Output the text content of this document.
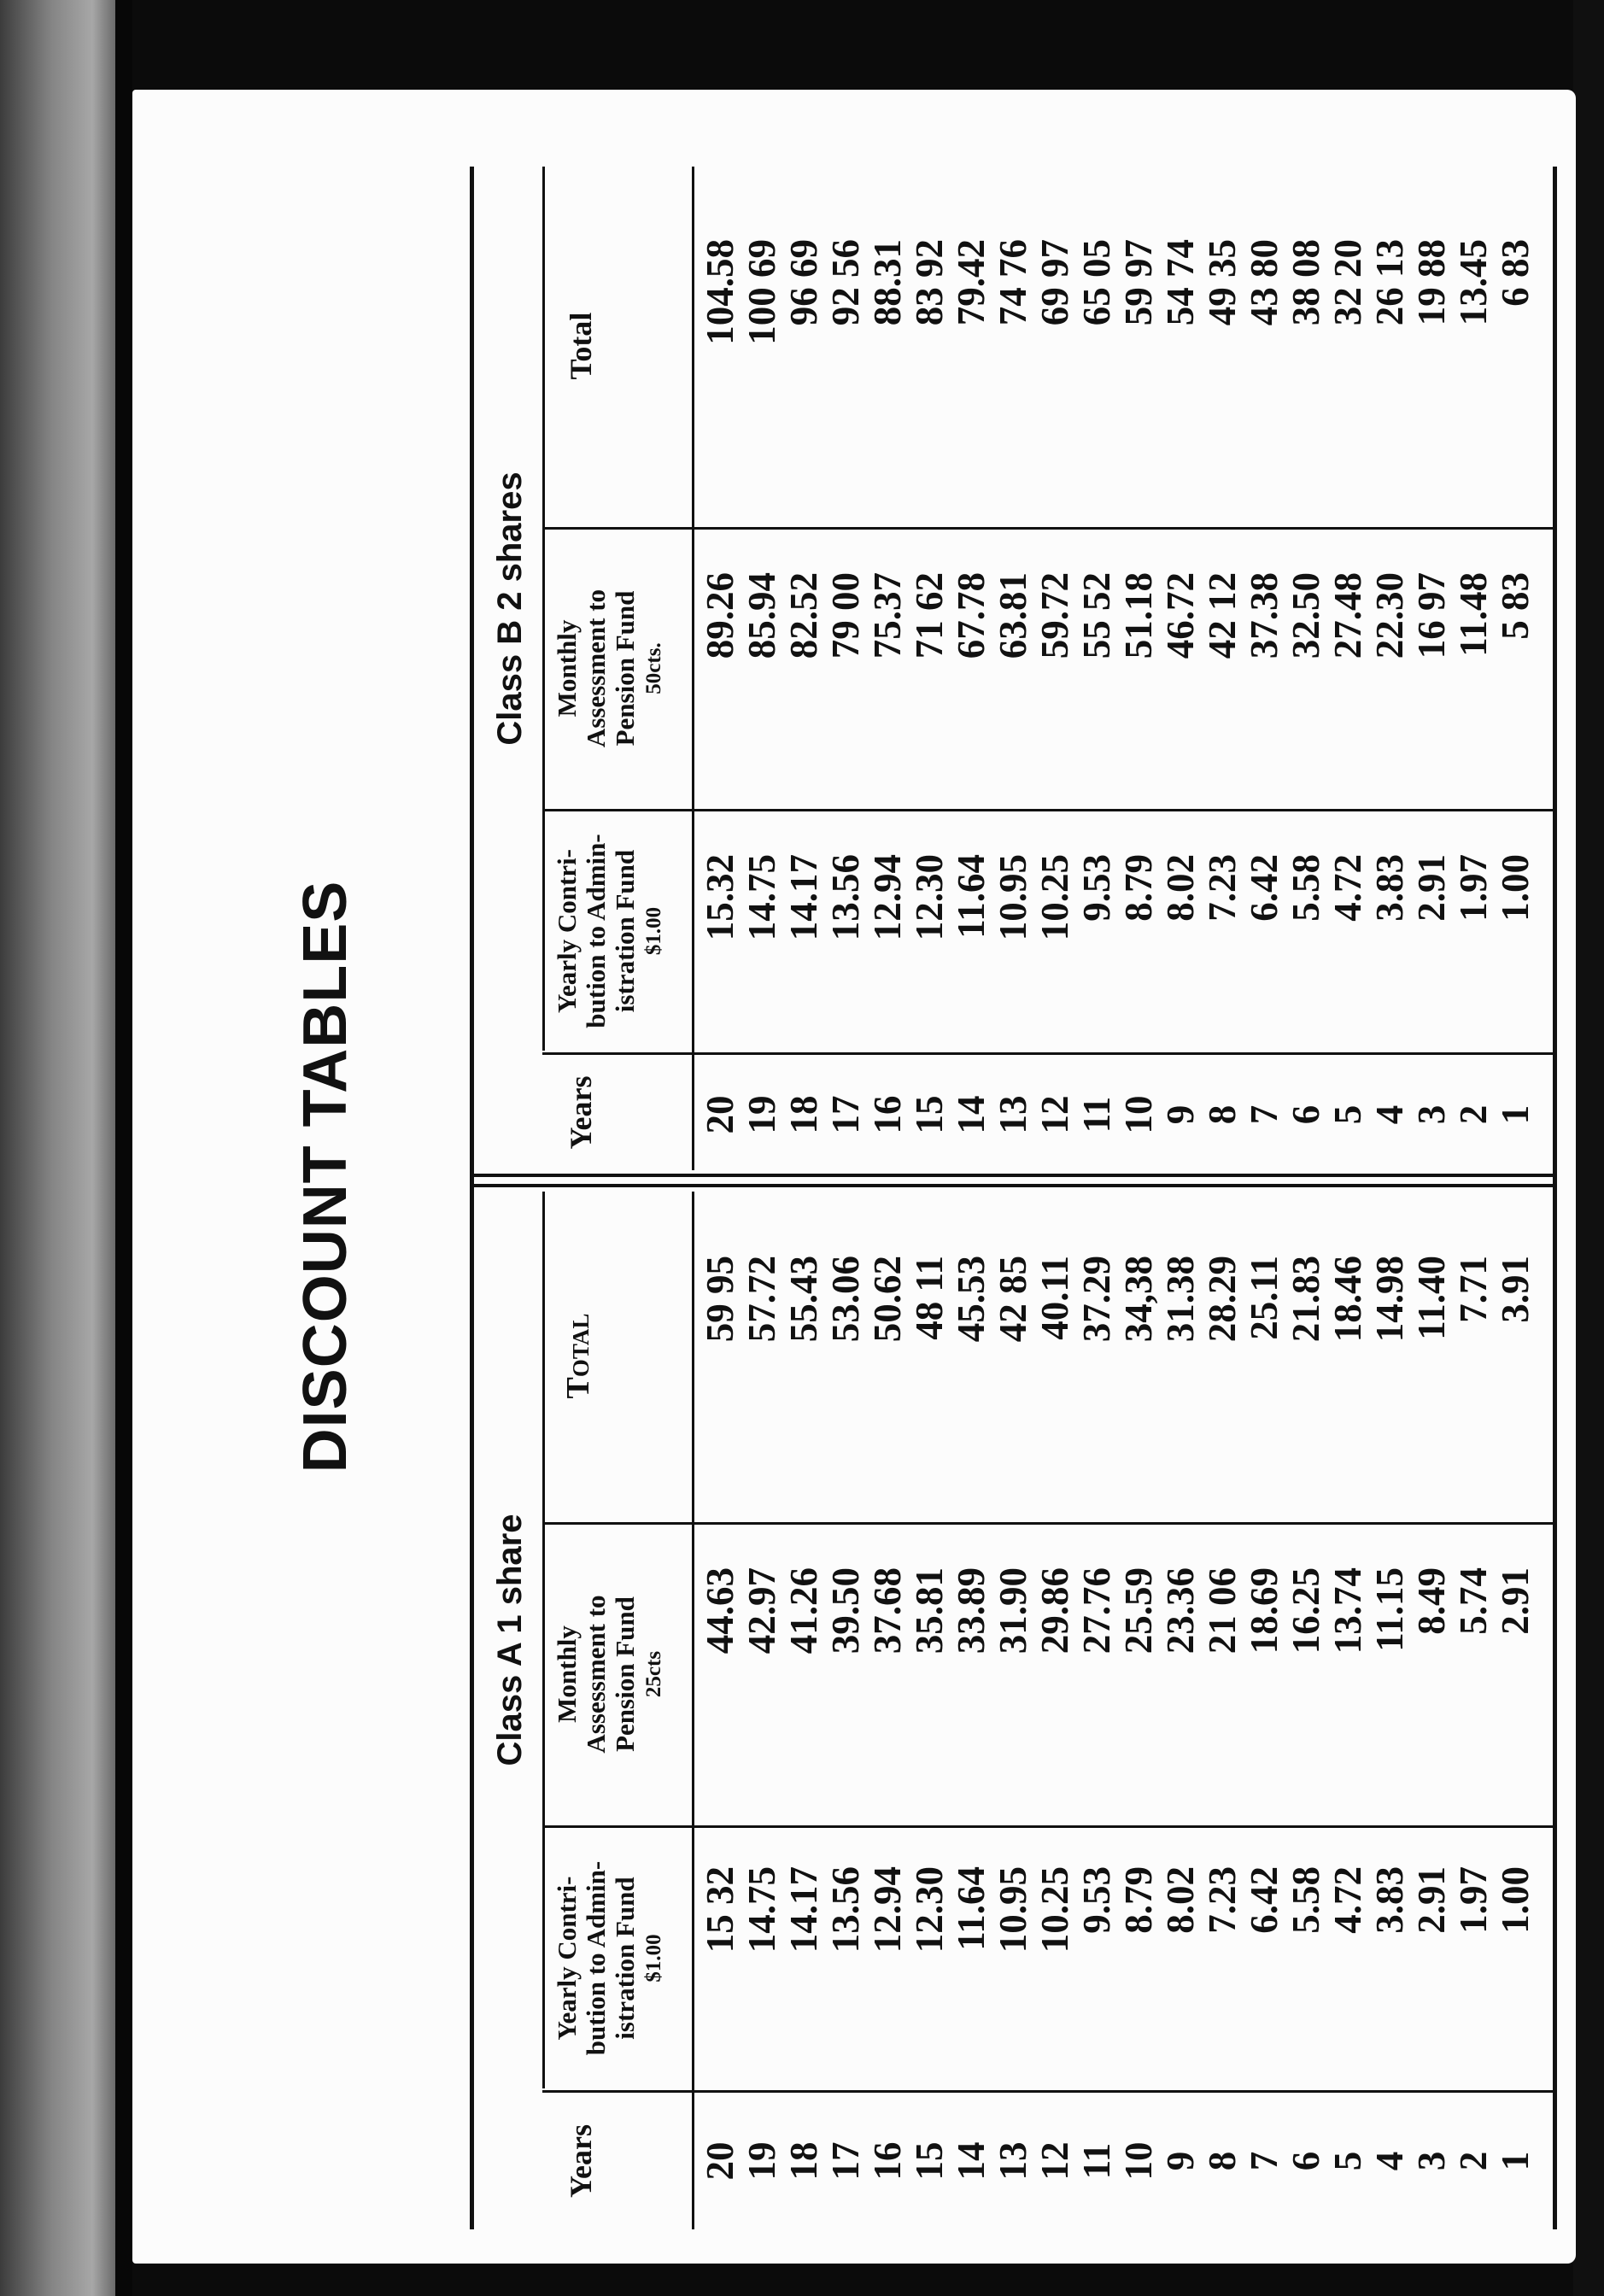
DISCOUNT TABLES
Class A 1 share
Class B 2 shares
Years
Yearly Contri-
bution to Admin-
istration Fund $1.00
Monthly
Assessment to
Pension Fund 25cts
Total
Years
Yearly Contri-
bution to Admin-
istration Fund $1.00
Monthly
Assessment to
Pension Fund 50cts.
Total
20 19 18 17 16 15 14 13 12 11 10 9 8 7 6 5 4 3 2 1
15 32 14.75 14.17 13.56 12.94 12.30 11.64 10.95 10.25 9.53 8.79 8.02 7.23 6.42 5.58 4.72 3.83 2.91 1.97 1.00
44.63 42.97 41.26 39.50 37.68 35.81 33.89 31.90 29.86 27.76 25.59 23.36 21 06 18.69 16.25 13.74 11.15 8.49 5.74 2.91
59 95 57.72 55.43 53.06 50.62 48 11 45.53 42 85 40.11 37.29 34,38 31.38 28.29 25.11 21.83 18.46 14.98 11.40 7.71 3.91
20 19 18 17 16 15 14 13 12 11 10 9 8 7 6 5 4 3 2 1
15.32 14.75 14.17 13.56 12.94 12.30 11.64 10.95 10.25 9.53 8.79 8.02 7.23 6.42 5.58 4.72 3.83 2.91 1.97 1.00
89.26 85.94 82.52 79 00 75.37 71 62 67.78 63.81 59.72 55 52 51.18 46.72 42 12 37.38 32.50 27.48 22.30 16 97 11.48 5 83
104.58 100 69 96 69 92 56 88.31 83 92 79.42 74 76 69 97 65 05 59 97 54 74 49 35 43 80 38 08 32 20 26 13 19 88 13.45 6 83
